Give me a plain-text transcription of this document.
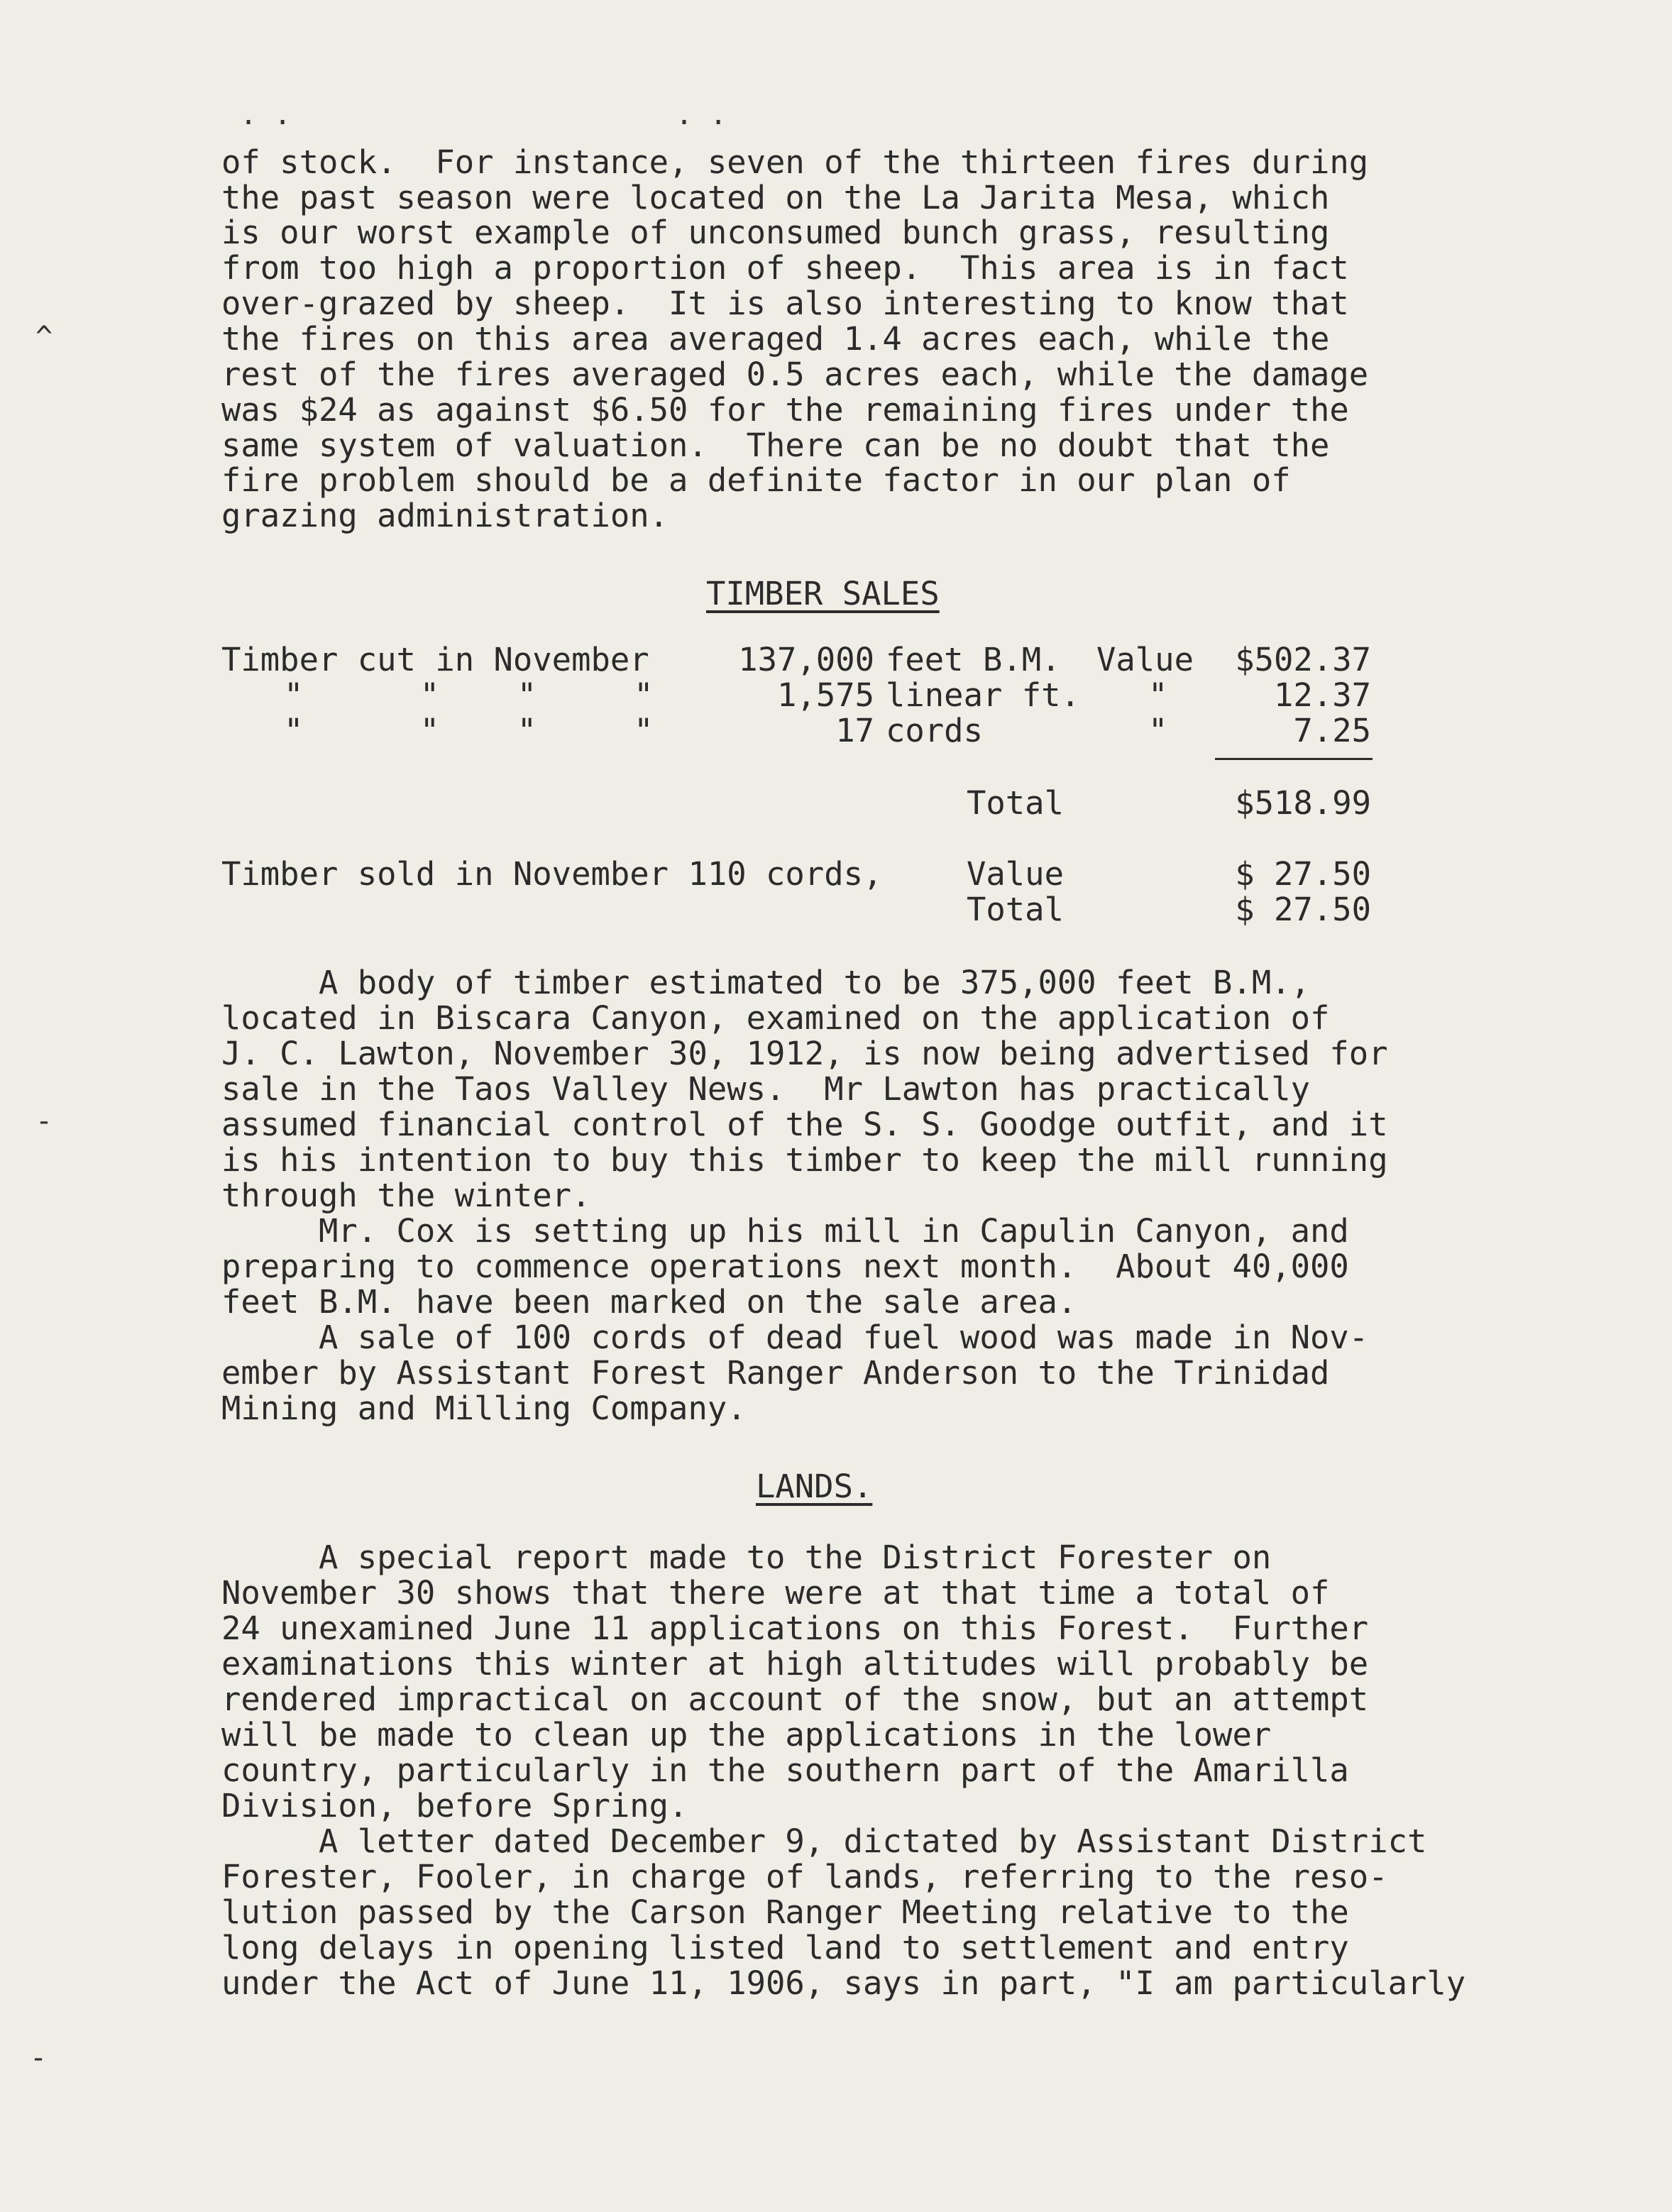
. .	. .
^
-
-
of stock.  For instance, seven of the thirteen fires during
the past season were located on the La Jarita Mesa, which
is our worst example of unconsumed bunch grass, resulting
from too high a proportion of sheep.  This area is in fact
over-grazed by sheep.  It is also interesting to know that
the fires on this area averaged 1.4 acres each, while the
rest of the fires averaged 0.5 acres each, while the damage
was $24 as against $6.50 for the remaining fires under the
same system of valuation.  There can be no doubt that the
fire problem should be a definite factor in our plan of
grazing administration.
TIMBER SALES
Timber cut in November	137,000 feet B.M. Value	$502.37
"      "    "     "	1,575 linear ft. "	12.37
"      "    "     "	17 cords	"	7.25
Total	$518.99
Timber sold in November 110 cords,	Value	$ 27.50
Total	$ 27.50
A body of timber estimated to be 375,000 feet B.M.,
located in Biscara Canyon, examined on the application of
J. C. Lawton, November 30, 1912, is now being advertised for
sale in the Taos Valley News.  Mr Lawton has practically
assumed financial control of the S. S. Goodge outfit, and it
is his intention to buy this timber to keep the mill running
through the winter.
Mr. Cox is setting up his mill in Capulin Canyon, and
preparing to commence operations next month.  About 40,000
feet B.M. have been marked on the sale area.
A sale of 100 cords of dead fuel wood was made in Nov-
ember by Assistant Forest Ranger Anderson to the Trinidad
Mining and Milling Company.
LANDS.
A special report made to the District Forester on
November 30 shows that there were at that time a total of
24 unexamined June 11 applications on this Forest.  Further
examinations this winter at high altitudes will probably be
rendered impractical on account of the snow, but an attempt
will be made to clean up the applications in the lower
country, particularly in the southern part of the Amarilla
Division, before Spring.
A letter dated December 9, dictated by Assistant District
Forester, Fooler, in charge of lands, referring to the reso-
lution passed by the Carson Ranger Meeting relative to the
long delays in opening listed land to settlement and entry
under the Act of June 11, 1906, says in part, "I am particularly
